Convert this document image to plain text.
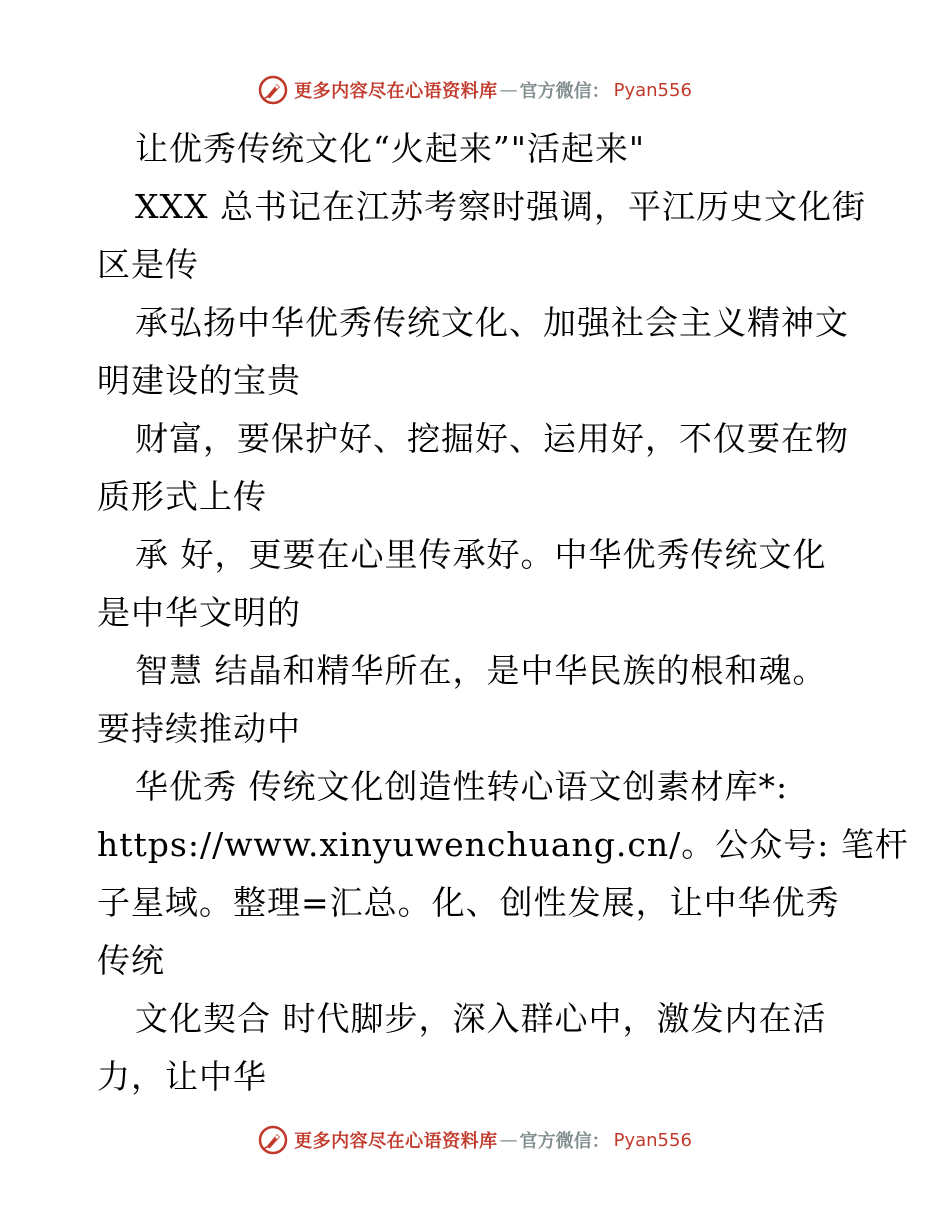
更多内容尽在心语资料库 — 官方微信： Pyan556
让优秀传统文化“火起来”"活起来"
XXX 总书记在江苏考察时强调，平江历史文化街
区是传
承弘扬中华优秀传统文化、加强社会主义精神文
明建设的宝贵
财富，要保护好、挖掘好、运用好，不仅要在物
质形式上传
承 好，更要在心里传承好。中华优秀传统文化
是中华文明的
智慧 结晶和精华所在，是中华民族的根和魂。
要持续推动中
华优秀 传统文化创造性转心语文创素材库*:
https://www.xinyuwenchuang.cn/。公众号: 笔杆
子星域。整理=汇总。化、创性发展，让中华优秀
传统
文化契合 时代脚步，深入群心中，激发内在活
力，让中华
更多内容尽在心语资料库 — 官方微信： Pyan556
